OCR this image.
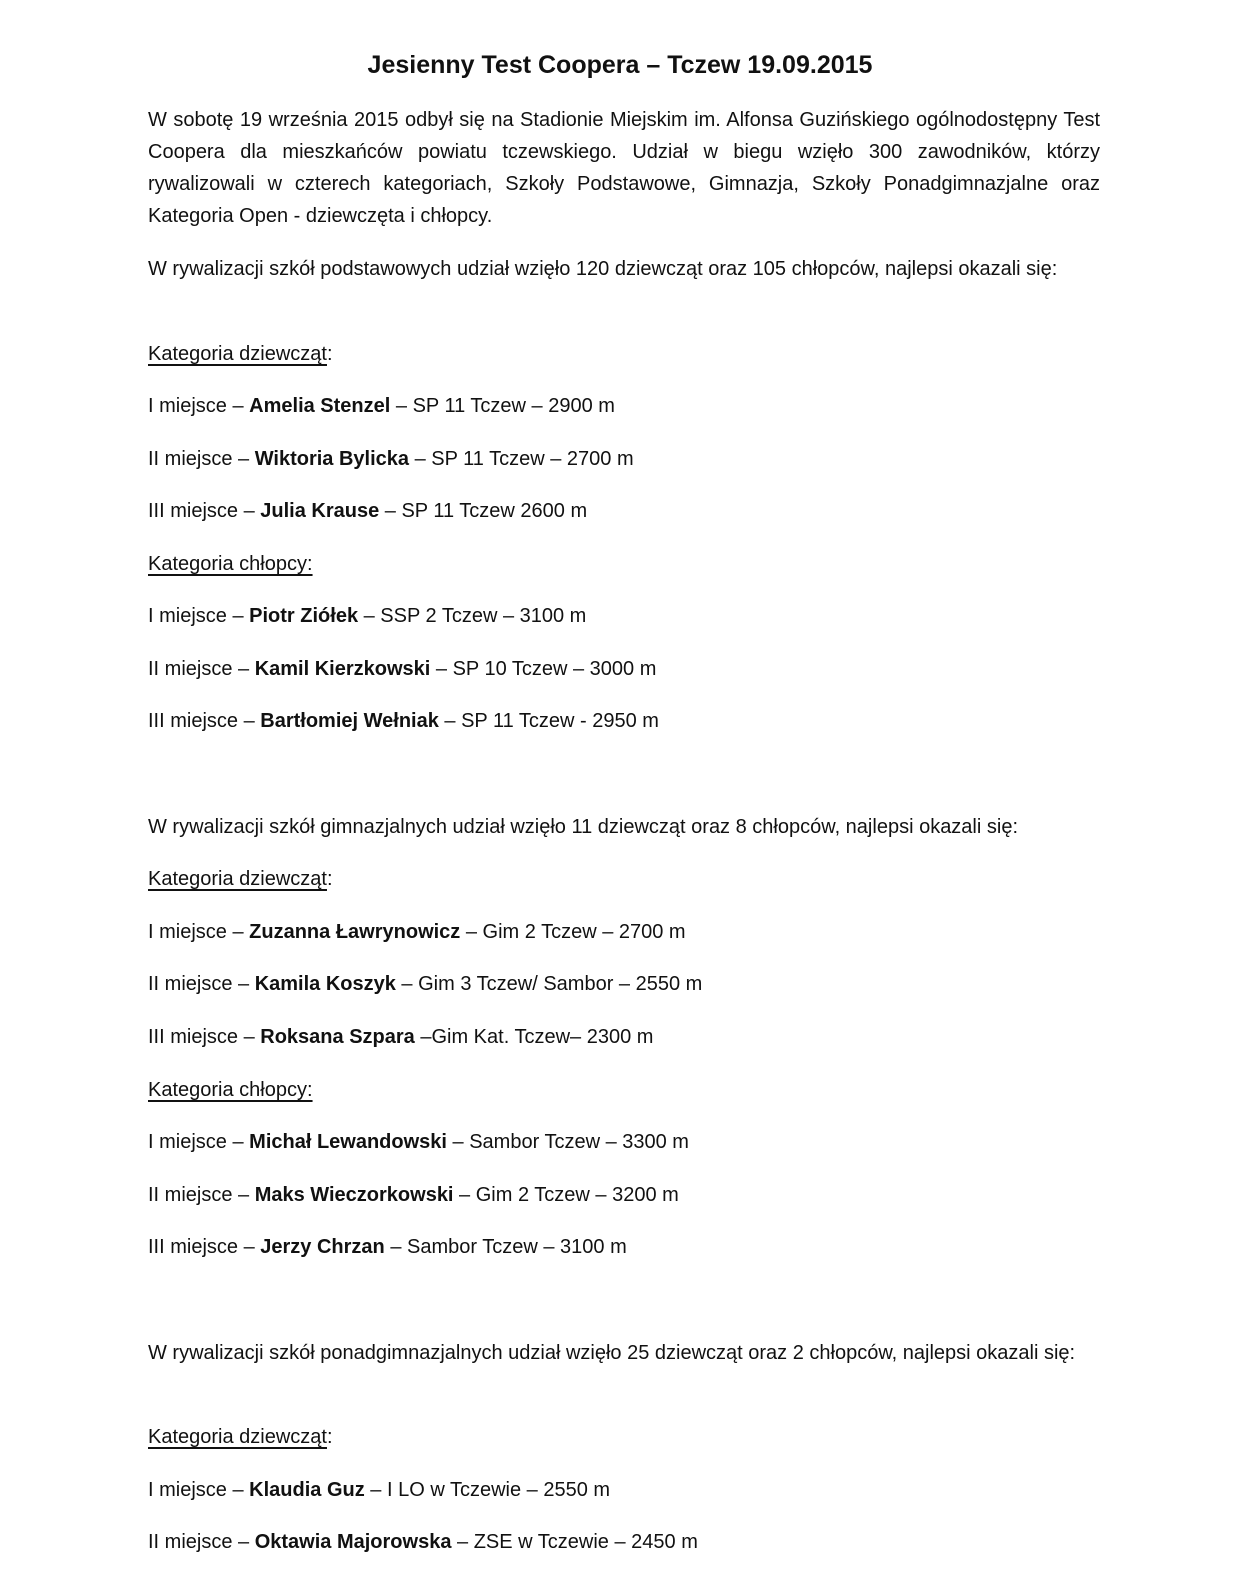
Jesienny Test Coopera – Tczew 19.09.2015

W sobotę 19 września 2015 odbył się na Stadionie Miejskim im. Alfonsa Guzińskiego ogólnodostępny Test Coopera dla mieszkańców powiatu tczewskiego. Udział w biegu wzięło 300 zawodników, którzy rywalizowali w czterech kategoriach, Szkoły Podstawowe, Gimnazja, Szkoły Ponadgimnazjalne oraz Kategoria Open - dziewczęta i chłopcy.

W rywalizacji szkół podstawowych udział wzięło 120 dziewcząt oraz 105 chłopców, najlepsi okazali się:

Kategoria dziewcząt:

I miejsce – Amelia Stenzel – SP 11 Tczew – 2900 m

II miejsce – Wiktoria Bylicka – SP 11 Tczew – 2700 m

III miejsce – Julia Krause – SP 11 Tczew 2600 m

Kategoria chłopcy:

I miejsce – Piotr Ziółek – SSP 2 Tczew – 3100 m

II miejsce – Kamil Kierzkowski – SP 10 Tczew – 3000 m

III miejsce – Bartłomiej Wełniak – SP 11 Tczew - 2950 m

W rywalizacji szkół gimnazjalnych udział wzięło 11 dziewcząt oraz 8 chłopców, najlepsi okazali się:

Kategoria dziewcząt:

I miejsce – Zuzanna Ławrynowicz – Gim 2 Tczew – 2700 m

II miejsce – Kamila Koszyk – Gim 3 Tczew/ Sambor – 2550 m

III miejsce – Roksana Szpara –Gim Kat. Tczew– 2300 m

Kategoria chłopcy:

I miejsce – Michał Lewandowski – Sambor Tczew – 3300 m

II miejsce – Maks Wieczorkowski – Gim 2 Tczew – 3200 m

III miejsce – Jerzy Chrzan – Sambor Tczew – 3100 m

W rywalizacji szkół ponadgimnazjalnych udział wzięło 25 dziewcząt oraz 2 chłopców, najlepsi okazali się:

Kategoria dziewcząt:

I miejsce – Klaudia Guz – I LO w Tczewie – 2550 m

II miejsce – Oktawia Majorowska – ZSE w Tczewie – 2450 m
